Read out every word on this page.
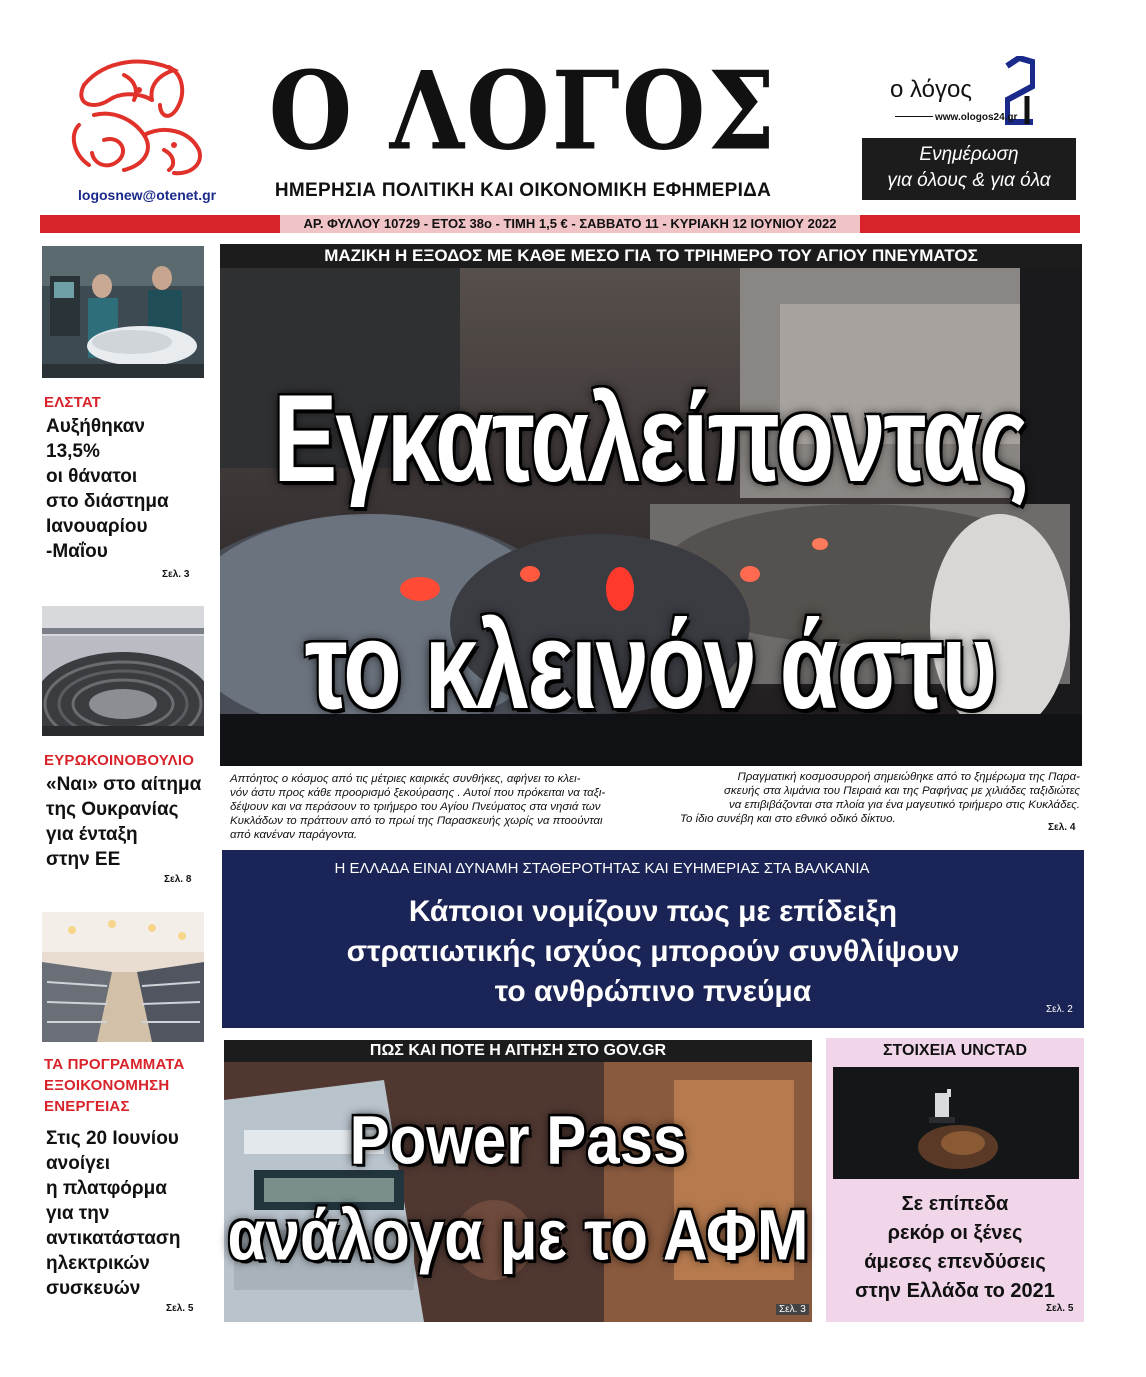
logosnew@otenet.gr
Ο ΛΟΓΟΣ
ΗΜΕΡΗΣΙΑ ΠΟΛΙΤΙΚΗ ΚΑΙ ΟΙΚΟΝΟΜΙΚΗ ΕΦΗΜΕΡΙΔΑ
ο λόγος
www.ologos24.gr
Ενημέρωση
για όλους & για όλα
ΑΡ. ΦΥΛΛΟΥ 10729 - ΕΤΟΣ 38ο - ΤΙΜΗ 1,5 € - ΣΑΒΒΑΤΟ 11 - ΚΥΡΙΑΚΗ 12 ΙΟΥΝΙΟΥ 2022
ΕΛΣΤΑΤ
Αυξήθηκαν
13,5%
οι θάνατοι
στο διάστημα
Ιανουαρίου
-Μαΐου
Σελ. 3
ΕΥΡΩΚΟΙΝΟΒΟΥΛΙΟ
«Ναι» στο αίτημα
της Ουκρανίας
για ένταξη
στην ΕΕ
Σελ. 8
ΤΑ ΠΡΟΓΡΑΜΜΑΤΑ
ΕΞΟΙΚΟΝΟΜΗΣΗ
ΕΝΕΡΓΕΙΑΣ
Στις 20 Ιουνίου
ανοίγει
η πλατφόρμα
για την
αντικατάσταση
ηλεκτρικών
συσκευών
Σελ. 5
ΜΑΖΙΚΗ Η ΕΞΟΔΟΣ ΜΕ ΚΑΘΕ ΜΕΣΟ ΓΙΑ ΤΟ ΤΡΙΗΜΕΡΟ ΤΟΥ ΑΓΙΟΥ ΠΝΕΥΜΑΤΟΣ
Εγκαταλείποντας
το κλεινόν άστυ
Απτόητος ο κόσμος από τις μέτριες καιρικές συνθήκες, αφήνει το κλει-
νόν άστυ προς κάθε προορισμό ξεκούρασης . Αυτοί που πρόκειται να ταξι-
δέψουν και να περάσουν το τριήμερο του Αγίου Πνεύματος στα νησιά των
Κυκλάδων το πράττουν από το πρωί της Παρασκευής χωρίς να πτοούνται
από κανέναν παράγοντα.
Πραγματική κοσμοσυρροή σημειώθηκε από το ξημέρωμα της Παρα-
σκευής στα λιμάνια του Πειραιά και της Ραφήνας με χιλιάδες ταξιδιώτες
να επιβιβάζονται στα πλοία για ένα μαγευτικό τριήμερο στις Κυκλάδες.
Το ίδιο συνέβη και στο εθνικό οδικό δίκτυο.
Σελ. 4
Η ΕΛΛΑΔΑ ΕΙΝΑΙ ΔΥΝΑΜΗ ΣΤΑΘΕΡΟΤΗΤΑΣ ΚΑΙ ΕΥΗΜΕΡΙΑΣ ΣΤΑ ΒΑΛΚΑΝΙΑ
Κάποιοι νομίζουν πως με επίδειξη
στρατιωτικής ισχύος μπορούν συνθλίψουν
το ανθρώπινο πνεύμα
Σελ. 2
ΠΩΣ ΚΑΙ ΠΟΤΕ Η ΑΙΤΗΣΗ ΣΤΟ GOV.GR
Power Pass
ανάλογα με το ΑΦΜ
Σελ. 3
ΣΤΟΙΧΕΙΑ UNCTAD
Σε επίπεδα
ρεκόρ οι ξένες
άμεσες επενδύσεις
στην Ελλάδα το 2021
Σελ. 5
